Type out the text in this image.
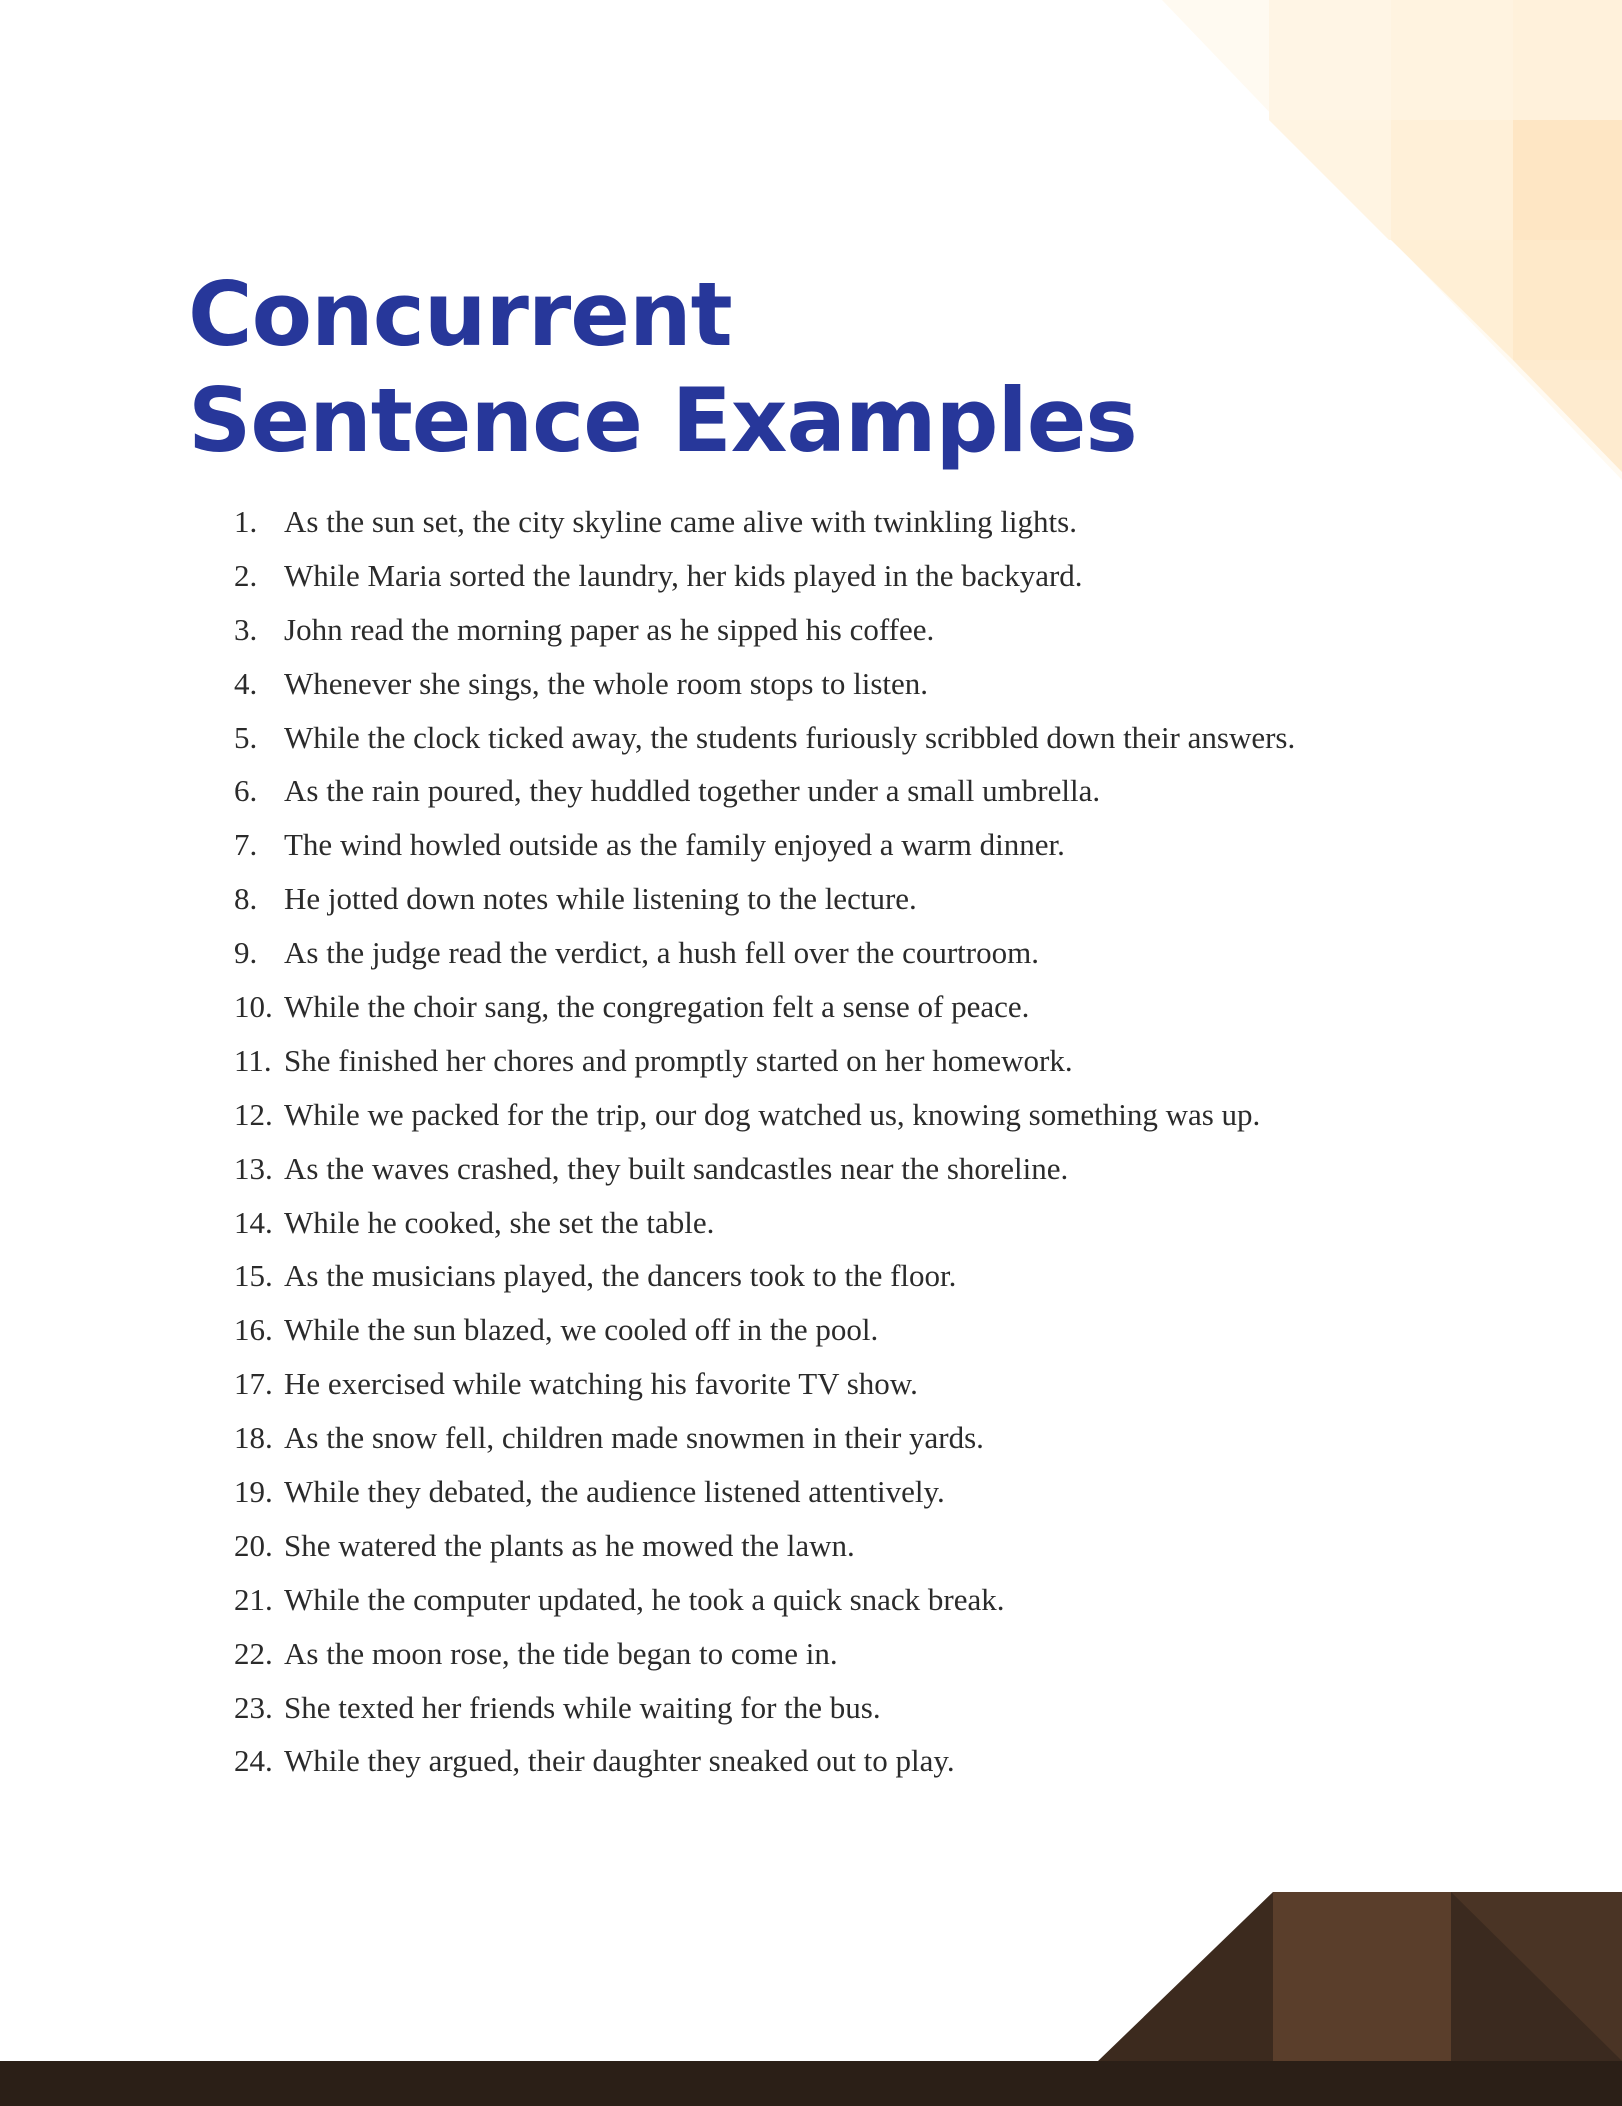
Concurrent
Sentence Examples
1. As the sun set, the city skyline came alive with twinkling lights.
2. While Maria sorted the laundry, her kids played in the backyard.
3. John read the morning paper as he sipped his coffee.
4. Whenever she sings, the whole room stops to listen.
5. While the clock ticked away, the students furiously scribbled down their answers.
6. As the rain poured, they huddled together under a small umbrella.
7. The wind howled outside as the family enjoyed a warm dinner.
8. He jotted down notes while listening to the lecture.
9. As the judge read the verdict, a hush fell over the courtroom.
10. While the choir sang, the congregation felt a sense of peace.
11. She finished her chores and promptly started on her homework.
12. While we packed for the trip, our dog watched us, knowing something was up.
13. As the waves crashed, they built sandcastles near the shoreline.
14. While he cooked, she set the table.
15. As the musicians played, the dancers took to the floor.
16. While the sun blazed, we cooled off in the pool.
17. He exercised while watching his favorite TV show.
18. As the snow fell, children made snowmen in their yards.
19. While they debated, the audience listened attentively.
20. She watered the plants as he mowed the lawn.
21. While the computer updated, he took a quick snack break.
22. As the moon rose, the tide began to come in.
23. She texted her friends while waiting for the bus.
24. While they argued, their daughter sneaked out to play.
